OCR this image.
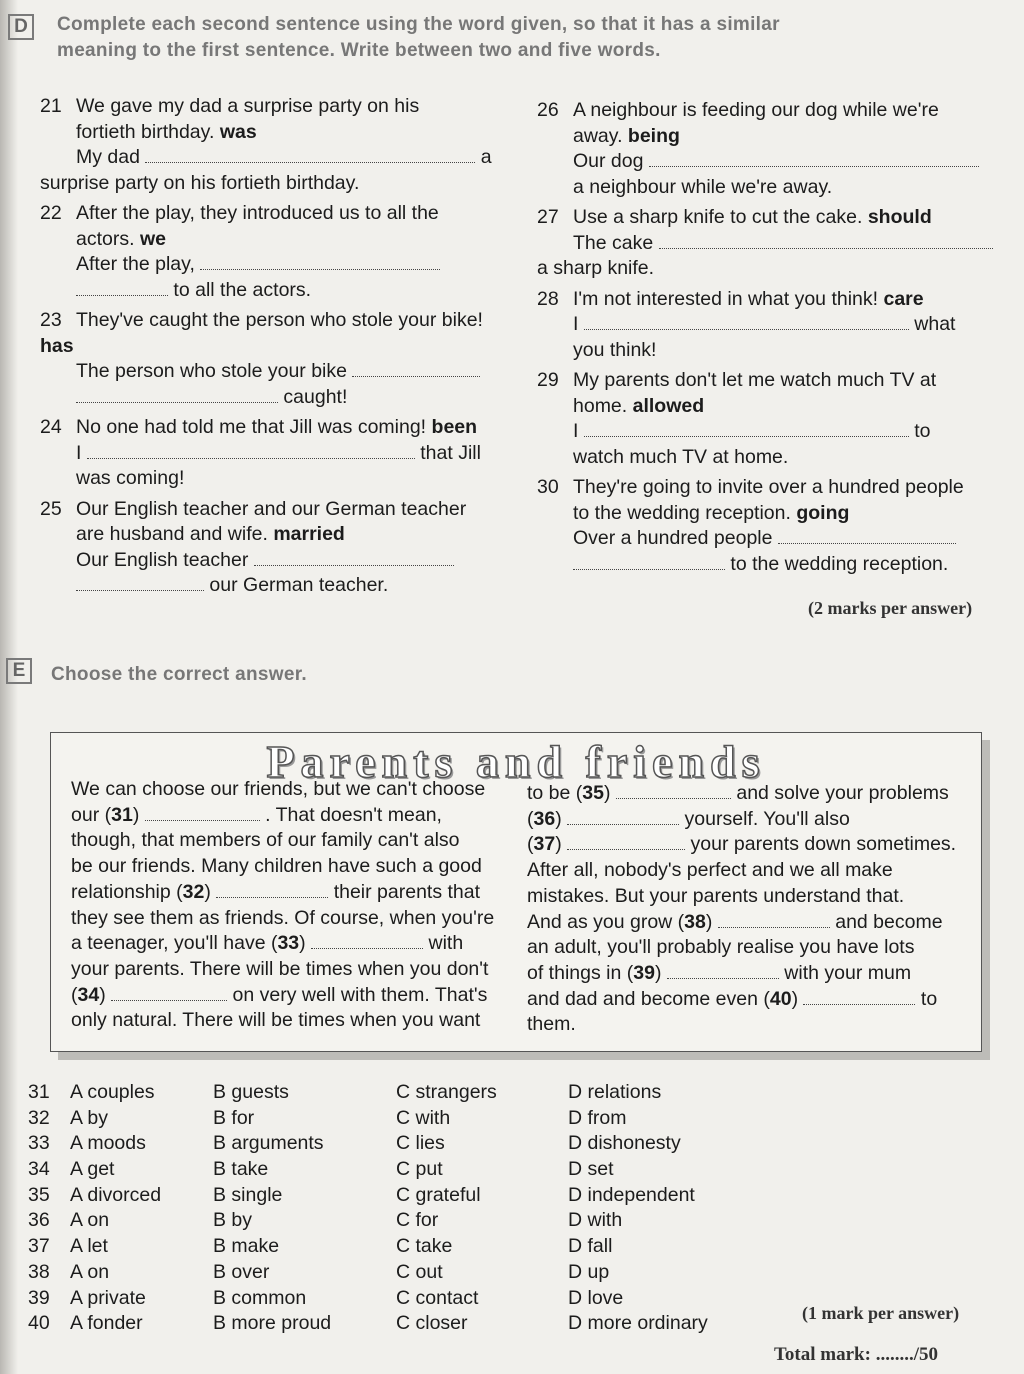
D	Complete each second sentence using the word given, so that it has a similar
meaning to the first sentence. Write between two and five words.
21 We gave my dad a surprise party on his
fortieth birthday. was
My dad	a
surprise party on his fortieth birthday.
22 After the play, they introduced us to all the
actors. we
After the play,
to all the actors.
23 They've caught the person who stole your bike!
has
The person who stole your bike
caught!
24 No one had told me that Jill was coming! been
I	that Jill
was coming!
25 Our English teacher and our German teacher
are husband and wife. married
Our English teacher
our German teacher.
26 A neighbour is feeding our dog while we're
away. being
Our dog
a neighbour while we're away.
27 Use a sharp knife to cut the cake. should
The cake
a sharp knife.
28 I'm not interested in what you think! care
I	what
you think!
29 My parents don't let me watch much TV at
home. allowed
I	to
watch much TV at home.
30 They're going to invite over a hundred people
to the wedding reception. going
Over a hundred people
to the wedding reception.
(2 marks per answer)
E	Choose the correct answer.
Parents and friends
We can choose our friends, but we can't choose
our (31)	. That doesn't mean,
though, that members of our family can't also
be our friends. Many children have such a good
relationship (32)	their parents that
they see them as friends. Of course, when you're
a teenager, you'll have (33)	with
your parents. There will be times when you don't
(34)	on very well with them. That's
only natural. There will be times when you want
to be (35)	and solve your problems
(36)	yourself. You'll also
(37)	your parents down sometimes.
After all, nobody's perfect and we all make
mistakes. But your parents understand that.
And as you grow (38)	and become
an adult, you'll probably realise you have lots
of things in (39)	with your mum
and dad and become even (40)	to
them.
31 A couples	B guests	C strangers	D relations
32 A by	B for	C with	D from
33 A moods	B arguments	C lies	D dishonesty
34 A get	B take	C put	D set
35 A divorced	B single	C grateful	D independent
36 A on	B by	C for	D with
37 A let	B make	C take	D fall
38 A on	B over	C out	D up
39 A private	B common	C contact	D love
40 A fonder	B more proud	C closer	D more ordinary	(1 mark per answer)
Total mark: ......../50
